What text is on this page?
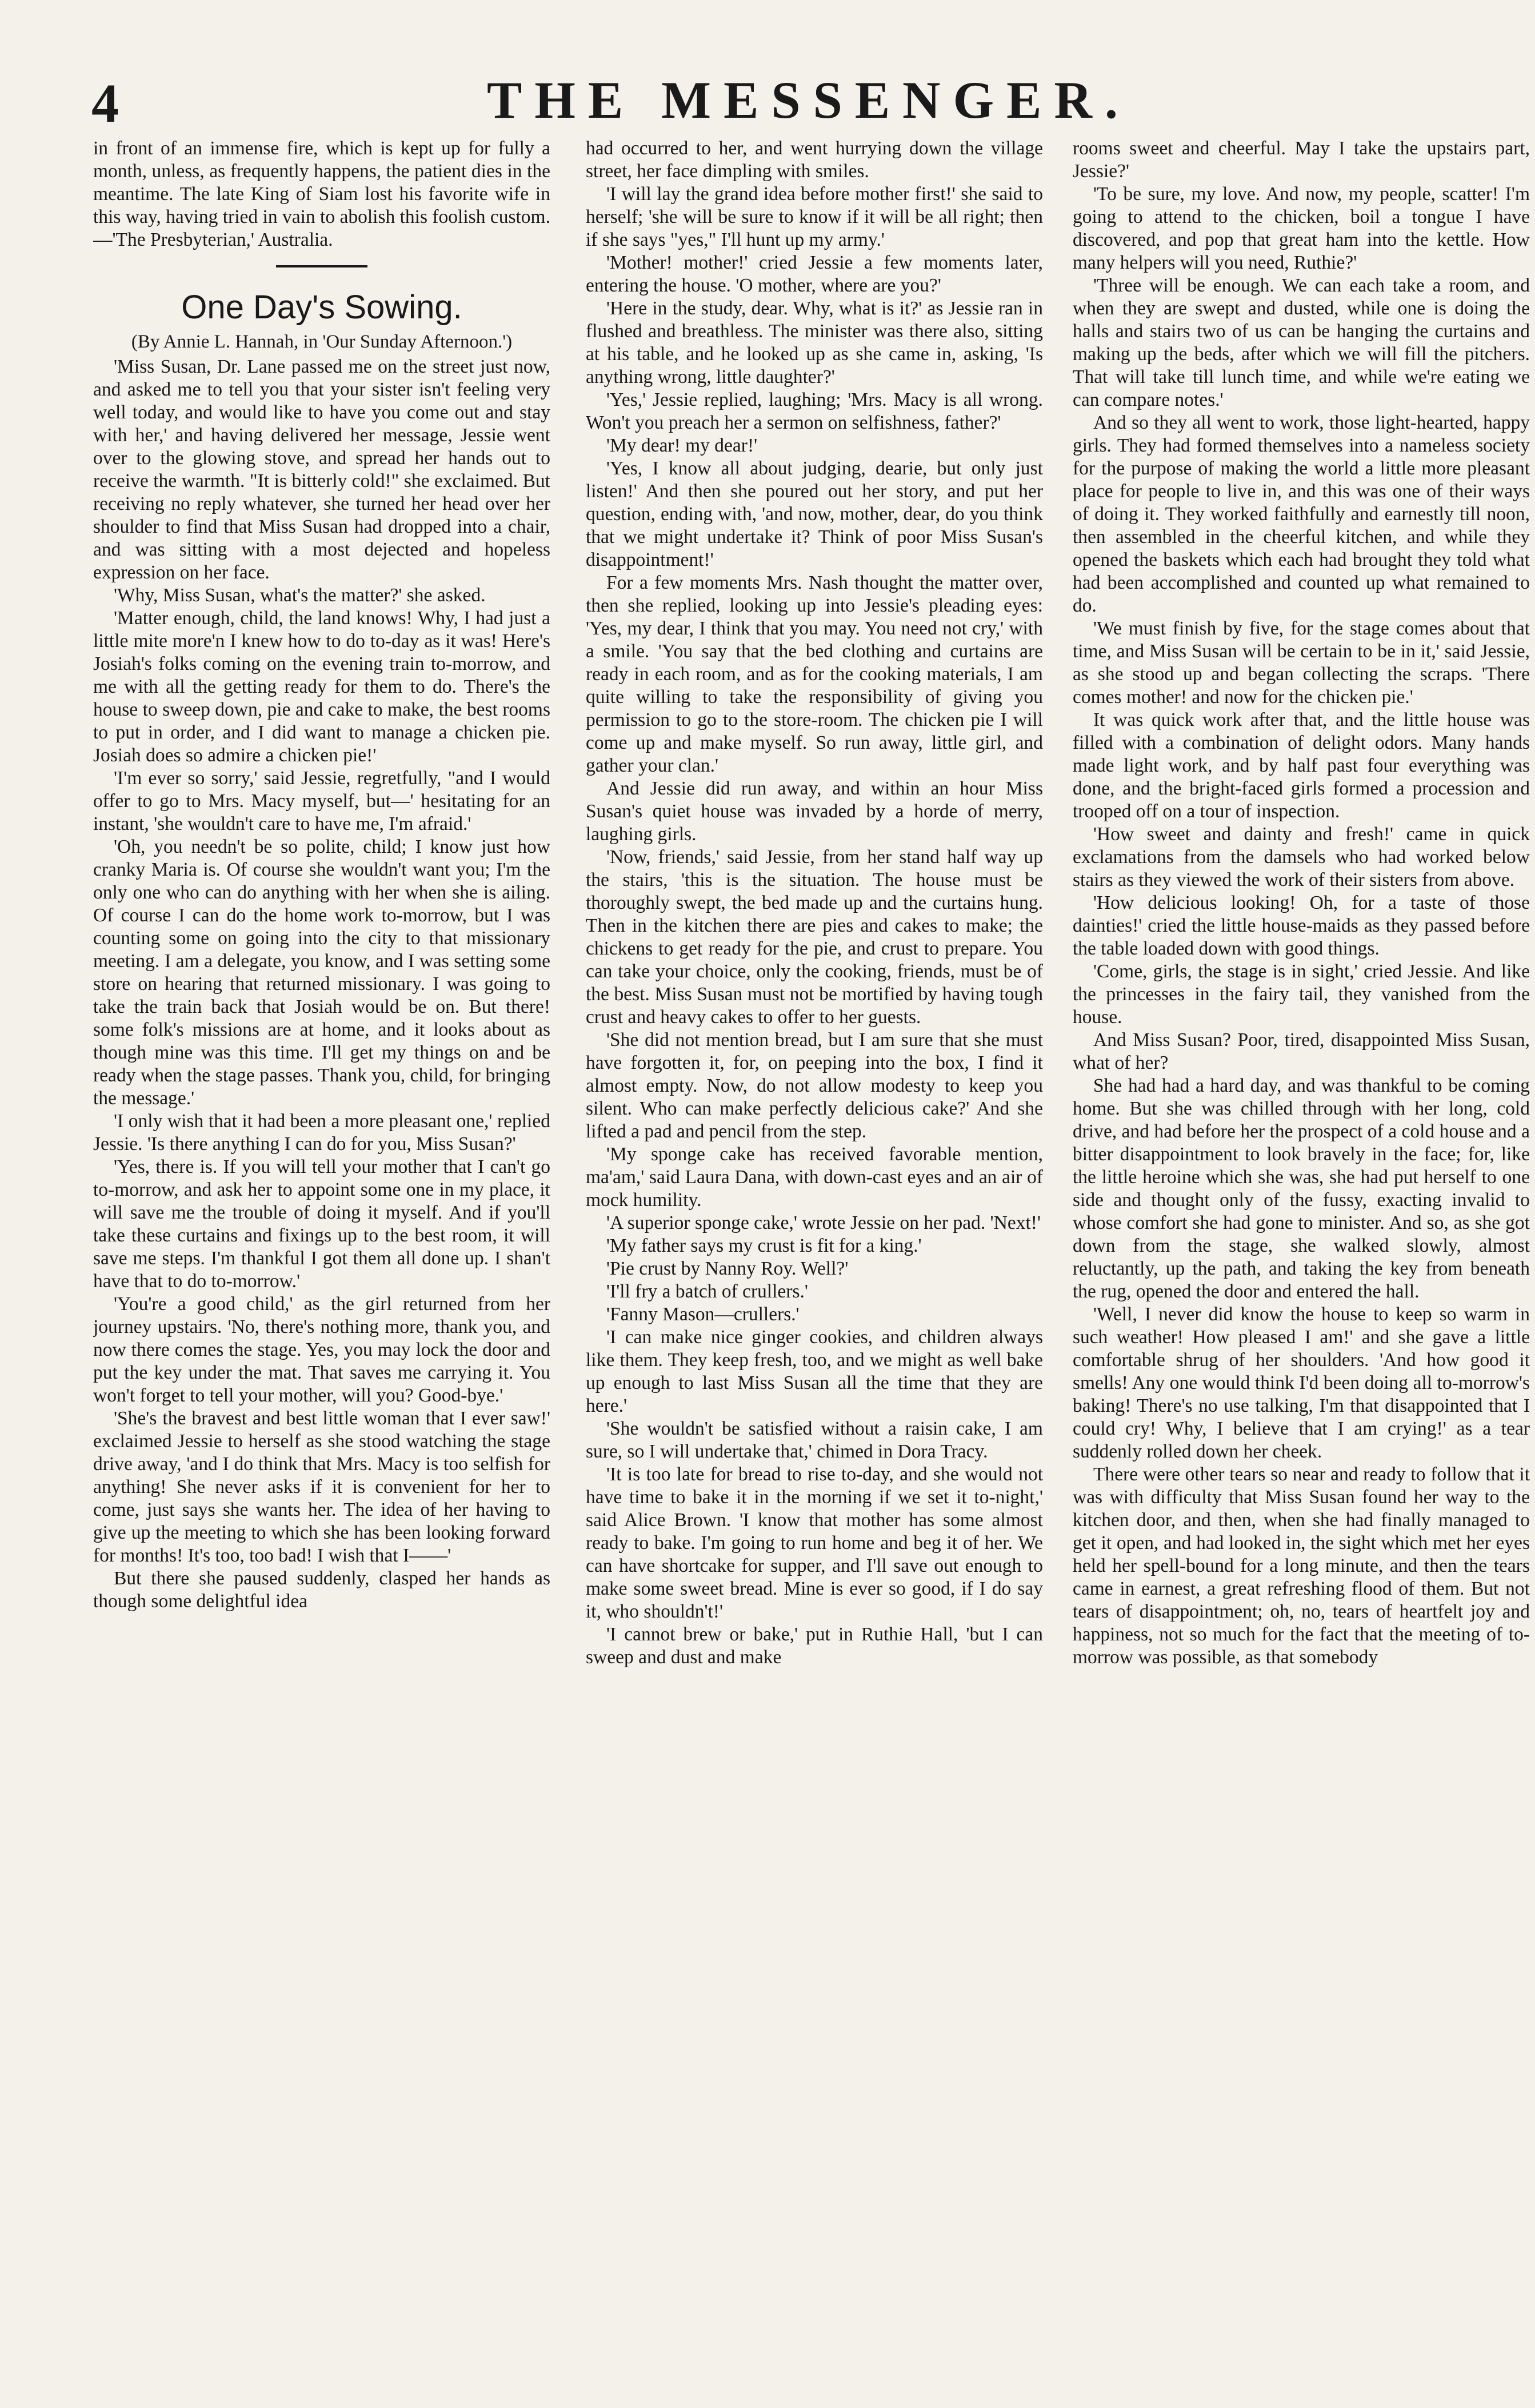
4	THE MESSENGER.

in front of an immense fire, which is kept up for fully a month, unless, as frequently happens, the patient dies in the meantime. The late King of Siam lost his favorite wife in this way, having tried in vain to abolish this foolish custom.—'The Presbyterian,' Australia.

One Day's Sowing.

(By Annie L. Hannah, in 'Our Sunday Afternoon.')

'Miss Susan, Dr. Lane passed me on the street just now, and asked me to tell you that your sister isn't feeling very well today, and would like to have you come out and stay with her,' and having delivered her message, Jessie went over to the glowing stove, and spread her hands out to receive the warmth. "It is bitterly cold!" she exclaimed. But receiving no reply whatever, she turned her head over her shoulder to find that Miss Susan had dropped into a chair, and was sitting with a most dejected and hopeless expression on her face.

'Why, Miss Susan, what's the matter?' she asked.

'Matter enough, child, the land knows! Why, I had just a little mite more'n I knew how to do to-day as it was! Here's Josiah's folks coming on the evening train to-morrow, and me with all the getting ready for them to do. There's the house to sweep down, pie and cake to make, the best rooms to put in order, and I did want to manage a chicken pie. Josiah does so admire a chicken pie!'

'I'm ever so sorry,' said Jessie, regretfully, "and I would offer to go to Mrs. Macy myself, but—' hesitating for an instant, 'she wouldn't care to have me, I'm afraid.'

'Oh, you needn't be so polite, child; I know just how cranky Maria is. Of course she wouldn't want you; I'm the only one who can do anything with her when she is ailing. Of course I can do the home work to-morrow, but I was counting some on going into the city to that missionary meeting. I am a delegate, you know, and I was setting some store on hearing that returned missionary. I was going to take the train back that Josiah would be on. But there! some folk's missions are at home, and it looks about as though mine was this time. I'll get my things on and be ready when the stage passes. Thank you, child, for bringing the message.'

'I only wish that it had been a more pleasant one,' replied Jessie. 'Is there anything I can do for you, Miss Susan?'

'Yes, there is. If you will tell your mother that I can't go to-morrow, and ask her to appoint some one in my place, it will save me the trouble of doing it myself. And if you'll take these curtains and fixings up to the best room, it will save me steps. I'm thankful I got them all done up. I shan't have that to do to-morrow.'

'You're a good child,' as the girl returned from her journey upstairs. 'No, there's nothing more, thank you, and now there comes the stage. Yes, you may lock the door and put the key under the mat. That saves me carrying it. You won't forget to tell your mother, will you? Good-bye.'

'She's the bravest and best little woman that I ever saw!' exclaimed Jessie to herself as she stood watching the stage drive away, 'and I do think that Mrs. Macy is too selfish for anything! She never asks if it is convenient for her to come, just says she wants her. The idea of her having to give up the meeting to which she has been looking forward for months! It's too, too bad! I wish that I——'

But there she paused suddenly, clasped her hands as though some delightful idea

had occurred to her, and went hurrying down the village street, her face dimpling with smiles.

'I will lay the grand idea before mother first!' she said to herself; 'she will be sure to know if it will be all right; then if she says "yes," I'll hunt up my army.'

'Mother! mother!' cried Jessie a few moments later, entering the house. 'O mother, where are you?'

'Here in the study, dear. Why, what is it?' as Jessie ran in flushed and breathless. The minister was there also, sitting at his table, and he looked up as she came in, asking, 'Is anything wrong, little daughter?'

'Yes,' Jessie replied, laughing; 'Mrs. Macy is all wrong. Won't you preach her a sermon on selfishness, father?'

'My dear! my dear!'

'Yes, I know all about judging, dearie, but only just listen!' And then she poured out her story, and put her question, ending with, 'and now, mother, dear, do you think that we might undertake it? Think of poor Miss Susan's disappointment!'

For a few moments Mrs. Nash thought the matter over, then she replied, looking up into Jessie's pleading eyes: 'Yes, my dear, I think that you may. You need not cry,' with a smile. 'You say that the bed clothing and curtains are ready in each room, and as for the cooking materials, I am quite willing to take the responsibility of giving you permission to go to the store-room. The chicken pie I will come up and make myself. So run away, little girl, and gather your clan.'

And Jessie did run away, and within an hour Miss Susan's quiet house was invaded by a horde of merry, laughing girls.

'Now, friends,' said Jessie, from her stand half way up the stairs, 'this is the situation. The house must be thoroughly swept, the bed made up and the curtains hung. Then in the kitchen there are pies and cakes to make; the chickens to get ready for the pie, and crust to prepare. You can take your choice, only the cooking, friends, must be of the best. Miss Susan must not be mortified by having tough crust and heavy cakes to offer to her guests.

'She did not mention bread, but I am sure that she must have forgotten it, for, on peeping into the box, I find it almost empty. Now, do not allow modesty to keep you silent. Who can make perfectly delicious cake?' And she lifted a pad and pencil from the step.

'My sponge cake has received favorable mention, ma'am,' said Laura Dana, with down-cast eyes and an air of mock humility.

'A superior sponge cake,' wrote Jessie on her pad. 'Next!'

'My father says my crust is fit for a king.'

'Pie crust by Nanny Roy. Well?'

'I'll fry a batch of crullers.'

'Fanny Mason—crullers.'

'I can make nice ginger cookies, and children always like them. They keep fresh, too, and we might as well bake up enough to last Miss Susan all the time that they are here.'

'She wouldn't be satisfied without a raisin cake, I am sure, so I will undertake that,' chimed in Dora Tracy.

'It is too late for bread to rise to-day, and she would not have time to bake it in the morning if we set it to-night,' said Alice Brown. 'I know that mother has some almost ready to bake. I'm going to run home and beg it of her. We can have shortcake for supper, and I'll save out enough to make some sweet bread. Mine is ever so good, if I do say it, who shouldn't!'

'I cannot brew or bake,' put in Ruthie Hall, 'but I can sweep and dust and make

rooms sweet and cheerful. May I take the upstairs part, Jessie?'

'To be sure, my love. And now, my people, scatter! I'm going to attend to the chicken, boil a tongue I have discovered, and pop that great ham into the kettle. How many helpers will you need, Ruthie?'

'Three will be enough. We can each take a room, and when they are swept and dusted, while one is doing the halls and stairs two of us can be hanging the curtains and making up the beds, after which we will fill the pitchers. That will take till lunch time, and while we're eating we can compare notes.'

And so they all went to work, those light-hearted, happy girls. They had formed themselves into a nameless society for the purpose of making the world a little more pleasant place for people to live in, and this was one of their ways of doing it. They worked faithfully and earnestly till noon, then assembled in the cheerful kitchen, and while they opened the baskets which each had brought they told what had been accomplished and counted up what remained to do.

'We must finish by five, for the stage comes about that time, and Miss Susan will be certain to be in it,' said Jessie, as she stood up and began collecting the scraps. 'There comes mother! and now for the chicken pie.'

It was quick work after that, and the little house was filled with a combination of delight odors. Many hands made light work, and by half past four everything was done, and the bright-faced girls formed a procession and trooped off on a tour of inspection.

'How sweet and dainty and fresh!' came in quick exclamations from the damsels who had worked below stairs as they viewed the work of their sisters from above.

'How delicious looking! Oh, for a taste of those dainties!' cried the little house-maids as they passed before the table loaded down with good things.

'Come, girls, the stage is in sight,' cried Jessie. And like the princesses in the fairy tail, they vanished from the house.

And Miss Susan? Poor, tired, disappointed Miss Susan, what of her?

She had had a hard day, and was thankful to be coming home. But she was chilled through with her long, cold drive, and had before her the prospect of a cold house and a bitter disappointment to look bravely in the face; for, like the little heroine which she was, she had put herself to one side and thought only of the fussy, exacting invalid to whose comfort she had gone to minister. And so, as she got down from the stage, she walked slowly, almost reluctantly, up the path, and taking the key from beneath the rug, opened the door and entered the hall.

'Well, I never did know the house to keep so warm in such weather! How pleased I am!' and she gave a little comfortable shrug of her shoulders. 'And how good it smells! Any one would think I'd been doing all to-morrow's baking! There's no use talking, I'm that disappointed that I could cry! Why, I believe that I am crying!' as a tear suddenly rolled down her cheek.

There were other tears so near and ready to follow that it was with difficulty that Miss Susan found her way to the kitchen door, and then, when she had finally managed to get it open, and had looked in, the sight which met her eyes held her spell-bound for a long minute, and then the tears came in earnest, a great refreshing flood of them. But not tears of disappointment; oh, no, tears of heartfelt joy and happiness, not so much for the fact that the meeting of to-morrow was possible, as that somebody
